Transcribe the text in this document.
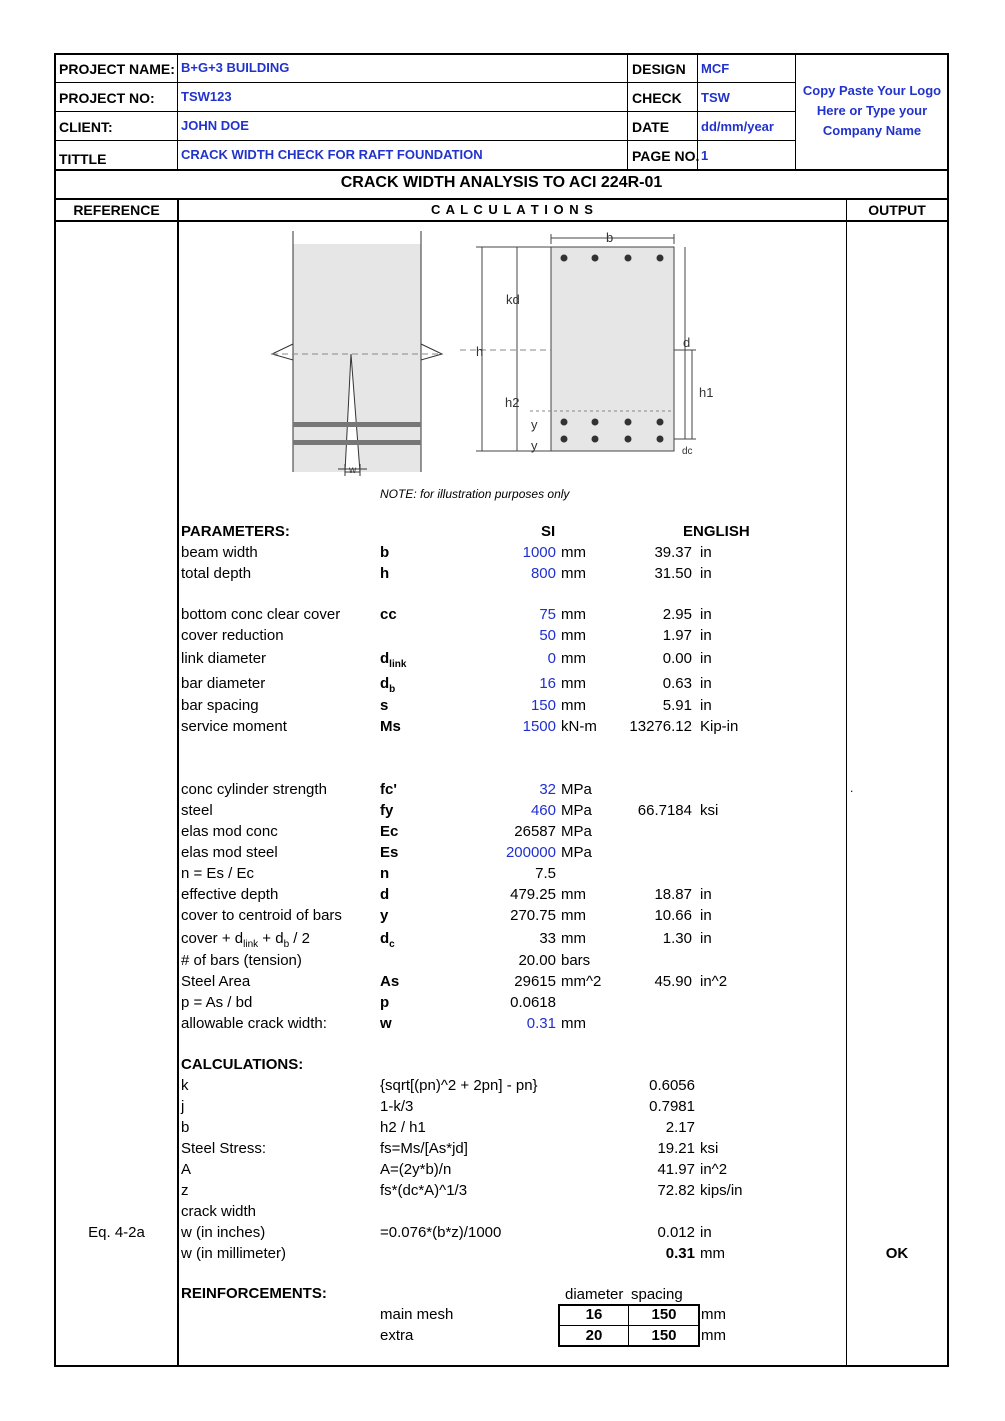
PROJECT NAME: B+G+3 BUILDING
PROJECT NO: TSW123
CLIENT:	JOHN DOE
TITTLE	CRACK WIDTH CHECK FOR RAFT FOUNDATION
DESIGN MCF
CHECK TSW
DATE dd/mm/year
PAGE NO. 1
Copy Paste Your Logo Here or Type your Company Name
CRACK WIDTH ANALYSIS TO ACI 224R-01
REFERENCE	C A L C U L A T I O N S	OUTPUT
w
b
h
kd
h2
y
y
d
h1
dc
NOTE: for illustration purposes only
PARAMETERS:	SI	ENGLISH
beam width	b	1000 mm	39.37 in
total depth	h	800 mm	31.50 in
bottom conc clear cover	cc	75 mm	2.95 in
cover reduction	50 mm	1.97 in
link diameter	$d_{link}$	0 mm	0.00 in
bar diameter	$d_b$	16 mm	0.63 in
bar spacing	s	150 mm	5.91 in
service moment	Ms	1500 kN-m	13276.12 Kip-in
conc cylinder strength	fc'	32 MPa
steel	fy	460 MPa	66.7184 ksi
elas mod conc	Ec	26587 MPa
elas mod steel	Es	200000 MPa
n = Es / Ec	n	7.5
effective depth	d	479.25 mm	18.87 in
cover to centroid of bars	y	270.75 mm	10.66 in
cover + $d_{link} + d_b / 2$	$d_c$	33 mm	1.30 in
# of bars (tension)	20.00 bars
Steel Area	As	29615 mm^2	45.90 in^2
p = As / bd	p	0.0618
allowable crack width:	w	0.31 mm
.
CALCULATIONS:
k	{sqrt[(pn)^2 + 2pn] - pn}	0.6056
j	1-k/3	0.7981
b	h2 / h1	2.17
Steel Stress:	fs=Ms/[As*jd]	19.21 ksi
A	A=(2y*b)/n	41.97 in^2
z	fs*(dc*A)^1/3	72.82 kips/in
crack width
w (in inches)	=0.076*(b*z)/1000	0.012 in
Eq. 4-2a
w (in millimeter)	0.31 mm	OK
REINFORCEMENTS:	diameter spacing
main mesh	16	150	mm
extra	20	150	mm
